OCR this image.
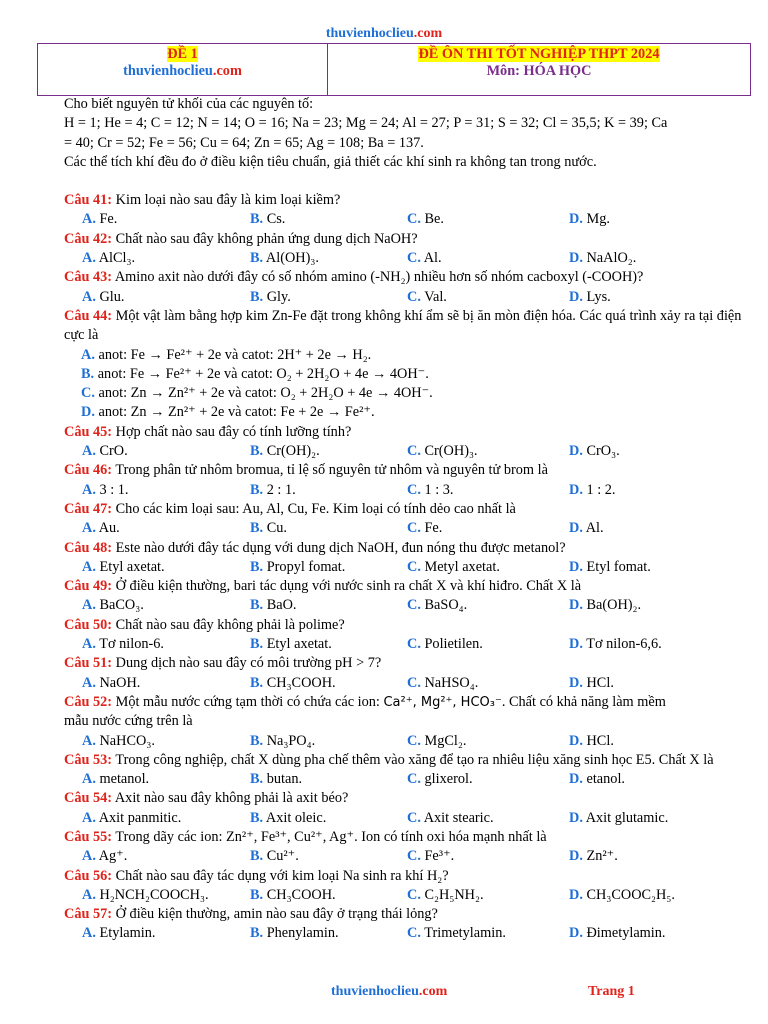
thuvienhoclieu.com
ĐỀ 1
thuvienhoclieu.com
ĐỀ ÔN THI TỐT NGHIỆP THPT 2024
Môn: HÓA HỌC

Cho biết nguyên tử khối của các nguyên tố:

H = 1; He = 4; C = 12; N = 14; O = 16; Na = 23; Mg = 24; Al = 27; P = 31; S = 32; Cl = 35,5; K = 39; Ca

= 40; Cr = 52; Fe = 56; Cu = 64; Zn = 65; Ag = 108; Ba = 137.

Các thể tích khí đều đo ở điều kiện tiêu chuẩn, giả thiết các khí sinh ra không tan trong nước.

Câu 41: Kim loại nào sau đây là kim loại kiềm?

A. Fe.	B. Cs.	C. Be.	D. Mg.

Câu 42: Chất nào sau đây không phản ứng dung dịch NaOH?

A. AlCl₃.	B. Al(OH)₃.	C. Al.	D. NaAlO₂.

Câu 43: Amino axit nào dưới đây có số nhóm amino (-NH₂) nhiều hơn số nhóm cacboxyl (-COOH)?

A. Glu.	B. Gly.	C. Val.	D. Lys.

Câu 44: Một vật làm bằng hợp kim Zn-Fe đặt trong không khí ẩm sẽ bị ăn mòn điện hóa. Các quá trình xảy ra tại điện cực là

A. anot: Fe → Fe²⁺ + 2e và catot: 2H⁺ + 2e → H₂.

B. anot: Fe → Fe²⁺ + 2e và catot: O₂ + 2H₂O + 4e → 4OH⁻.

C. anot: Zn → Zn²⁺ + 2e và catot: O₂ + 2H₂O + 4e → 4OH⁻.

D. anot: Zn → Zn²⁺ + 2e và catot: Fe + 2e → Fe²⁺.

Câu 45: Hợp chất nào sau đây có tính lưỡng tính?

A. CrO.	B. Cr(OH)₂.	C. Cr(OH)₃.	D. CrO₃.

Câu 46: Trong phân tử nhôm bromua, tỉ lệ số nguyên tử nhôm và nguyên tử brom là

A. 3 : 1.	B. 2 : 1.	C. 1 : 3.	D. 1 : 2.

Câu 47: Cho các kim loại sau: Au, Al, Cu, Fe. Kim loại có tính dẻo cao nhất là

A. Au.	B. Cu.	C. Fe.	D. Al.

Câu 48: Este nào dưới đây tác dụng với dung dịch NaOH, đun nóng thu được metanol?

A. Etyl axetat.	B. Propyl fomat.	C. Metyl axetat.	D. Etyl fomat.

Câu 49: Ở điều kiện thường, bari tác dụng với nước sinh ra chất X và khí hiđro. Chất X là

A. BaCO₃.	B. BaO.	C. BaSO₄.	D. Ba(OH)₂.

Câu 50: Chất nào sau đây không phải là polime?

A. Tơ nilon-6.	B. Etyl axetat.	C. Polietilen.	D. Tơ nilon-6,6.

Câu 51: Dung dịch nào sau đây có môi trường pH > 7?

A. NaOH.	B. CH₃COOH.	C. NaHSO₄.	D. HCl.

Câu 52: Một mẫu nước cứng tạm thời có chứa các ion: Ca²⁺, Mg²⁺, HCO₃⁻. Chất có khả năng làm mềm
mẫu nước cứng trên là

A. NaHCO₃.	B. Na₃PO₄.	C. MgCl₂.	D. HCl.

Câu 53: Trong công nghiệp, chất X dùng pha chế thêm vào xăng để tạo ra nhiêu liệu xăng sinh học E5. Chất X là

A. metanol.	B. butan.	C. glixerol.	D. etanol.

Câu 54: Axit nào sau đây không phải là axit béo?

A. Axit panmitic.	B. Axit oleic.	C. Axit stearic.	D. Axit glutamic.

Câu 55: Trong dãy các ion: Zn²⁺, Fe³⁺, Cu²⁺, Ag⁺. Ion có tính oxi hóa mạnh nhất là

A. Ag⁺.	B. Cu²⁺.	C. Fe³⁺.	D. Zn²⁺.

Câu 56: Chất nào sau đây tác dụng với kim loại Na sinh ra khí H₂?

A. H₂NCH₂COOCH₃.	B. CH₃COOH.	C. C₂H₅NH₂.	D. CH₃COOC₂H₅.

Câu 57: Ở điều kiện thường, amin nào sau đây ở trạng thái lỏng?

A. Etylamin.	B. Phenylamin.	C. Trimetylamin.	D. Đimetylamin.
thuvienhoclieu.com	Trang 1
